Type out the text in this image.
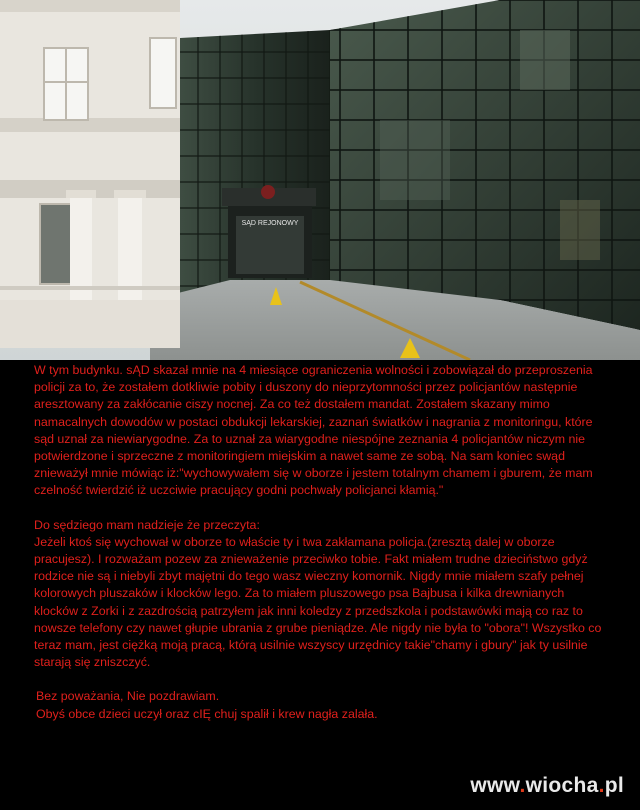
SĄD REJONOWY

W tym budynku. sĄD skazał mnie na 4 miesiące ograniczenia wolności i zobowiązał do przeproszenia policji za to, że zostałem dotkliwie pobity i duszony do nieprzytomności przez policjantów następnie aresztowany za zakłócanie ciszy nocnej. Za co też dostałem mandat. Zostałem skazany mimo namacalnych dowodów w postaci obdukcji lekarskiej, zaznań światków i nagrania z monitoringu, które sąd uznał za niewiarygodne. Za to uznał za wiarygodne niespójne zeznania 4 policjantów niczym nie potwierdzone i sprzeczne z monitoringiem miejskim a nawet same ze sobą. Na sam koniec swąd znieważył mnie mówiąc iż:"wychowywałem się w oborze i jestem totalnym chamem i gburem, że mam czelność twierdzić iż uczciwie pracujący godni pochwały policjanci kłamią."

Do sędziego mam nadzieje że przeczyta:

Jeżeli ktoś się wychował w oborze to właście ty i twa zakłamana policja.(zresztą dalej w oborze pracujesz). I rozważam pozew za znieważenie przeciwko tobie. Fakt miałem trudne dzieciństwo gdyż rodzice nie są i niebyli zbyt majętni do tego wasz wieczny komornik. Nigdy mnie miałem szafy pełnej kolorowych pluszaków i klocków lego. Za to miałem pluszowego psa Bajbusa i kilka drewnianych klocków z Zorki i z zazdrością patrzyłem jak inni koledzy z przedszkola i podstawówki mają co raz to nowsze telefony czy nawet głupie ubrania z grube pieniądze. Ale nigdy nie była to "obora"! Wszystko co teraz mam, jest ciężką moją pracą, którą usilnie wszyscy urzędnicy takie"chamy i gbury" jak ty usilnie starają się zniszczyć.

Bez poważania, Nie pozdrawiam.

Obyś obce dzieci uczył oraz cIĘ chuj spalił i krew nagła zalała.

www.wiocha.pl
